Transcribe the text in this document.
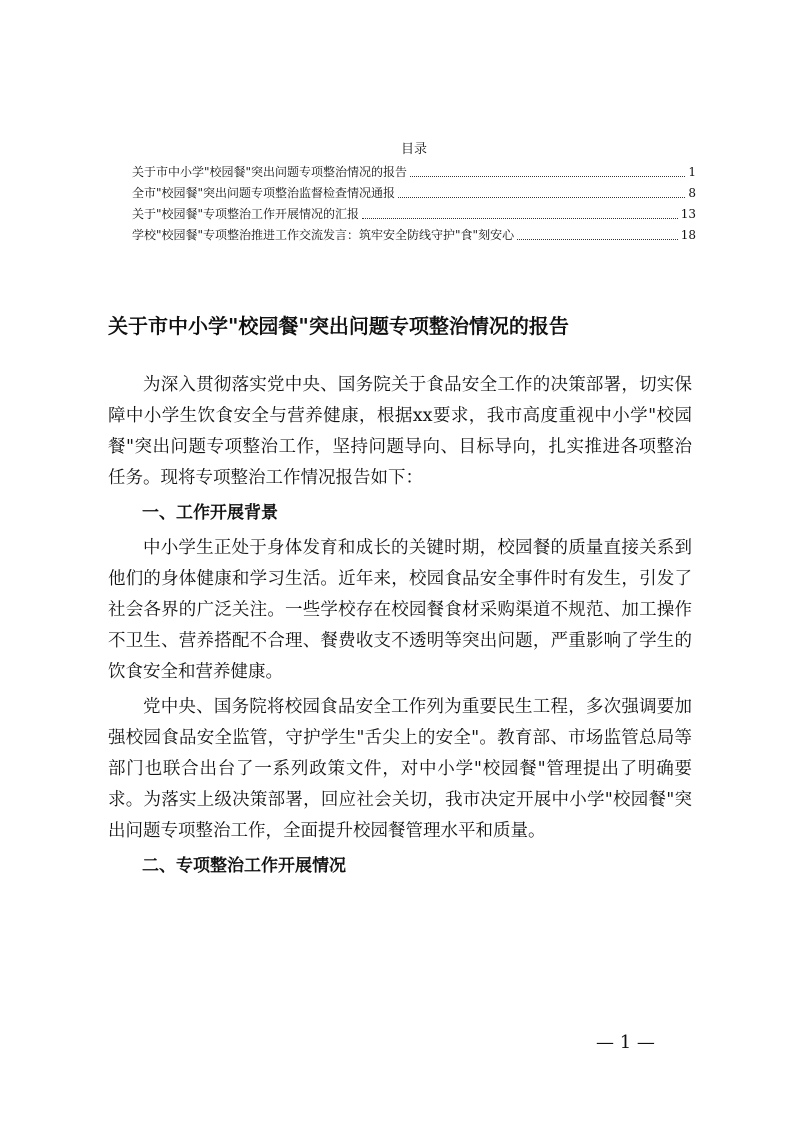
目录
关于市中小学"校园餐"突出问题专项整治情况的报告	1
全市"校园餐"突出问题专项整治监督检查情况通报	8
关于"校园餐"专项整治工作开展情况的汇报	13
学校"校园餐"专项整治推进工作交流发言：筑牢安全防线守护"食"刻安心	18
关于市中小学"校园餐"突出问题专项整治情况的报告

为深入贯彻落实党中央、国务院关于食品安全工作的决策部署，切实保障中小学生饮食安全与营养健康，根据xx要求，我市高度重视中小学"校园餐"突出问题专项整治工作，坚持问题导向、目标导向，扎实推进各项整治任务。现将专项整治工作情况报告如下：

一、工作开展背景

中小学生正处于身体发育和成长的关键时期，校园餐的质量直接关系到他们的身体健康和学习生活。近年来，校园食品安全事件时有发生，引发了社会各界的广泛关注。一些学校存在校园餐食材采购渠道不规范、加工操作不卫生、营养搭配不合理、餐费收支不透明等突出问题，严重影响了学生的饮食安全和营养健康。

党中央、国务院将校园食品安全工作列为重要民生工程，多次强调要加强校园食品安全监管，守护学生"舌尖上的安全"。教育部、市场监管总局等部门也联合出台了一系列政策文件，对中小学"校园餐"管理提出了明确要求。为落实上级决策部署，回应社会关切，我市决定开展中小学"校园餐"突出问题专项整治工作，全面提升校园餐管理水平和质量。

二、专项整治工作开展情况
— 1 —
